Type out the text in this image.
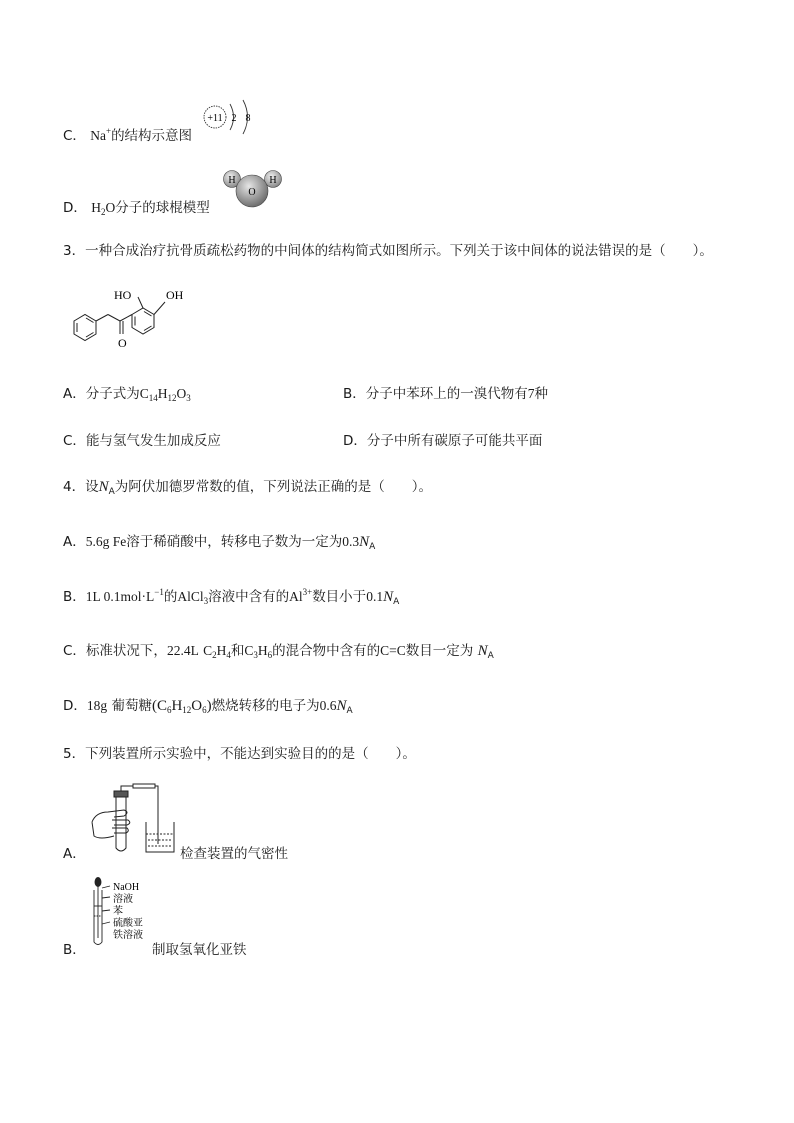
C． Na+的结构示意图
+11 2 8
D． $H_2O$分子的球棍模型
H	H
O
3．一种合成治疗抗骨质疏松药物的中间体的结构简式如图所示。下列关于该中间体的说法错误的是（　　）。
HO	OH
O
A．分子式为$C_{14}H_{12}O_3$	B．分子中苯环上的一溴代物有7种
C．能与氢气发生加成反应	D．分子中所有碳原子可能共平面
4．设$N_A$为阿伏加德罗常数的值，下列说法正确的是（　　）。
A．5.6g Fe溶于稀硝酸中，转移电子数为一定为$0.3N_A$
B．1L $0.1mol\cdot L^{-1}$的AlCl$_3$溶液中含有的$Al^{3+}$数目小于$0.1N_A$
C．标准状况下，22.4L $C_2H_4$和$C_3H_6$的混合物中含有的C=C数目一定为 $N_A$
D．18g 葡萄糖$(C_6H_{12}O_6)$燃烧转移的电子为$0.6N_A$
5．下列装置所示实验中，不能达到实验目的的是（　　）。
A．	检查装置的气密性
NaOH
溶液
苯
硫酸亚
铁溶液
B．	制取氢氧化亚铁
